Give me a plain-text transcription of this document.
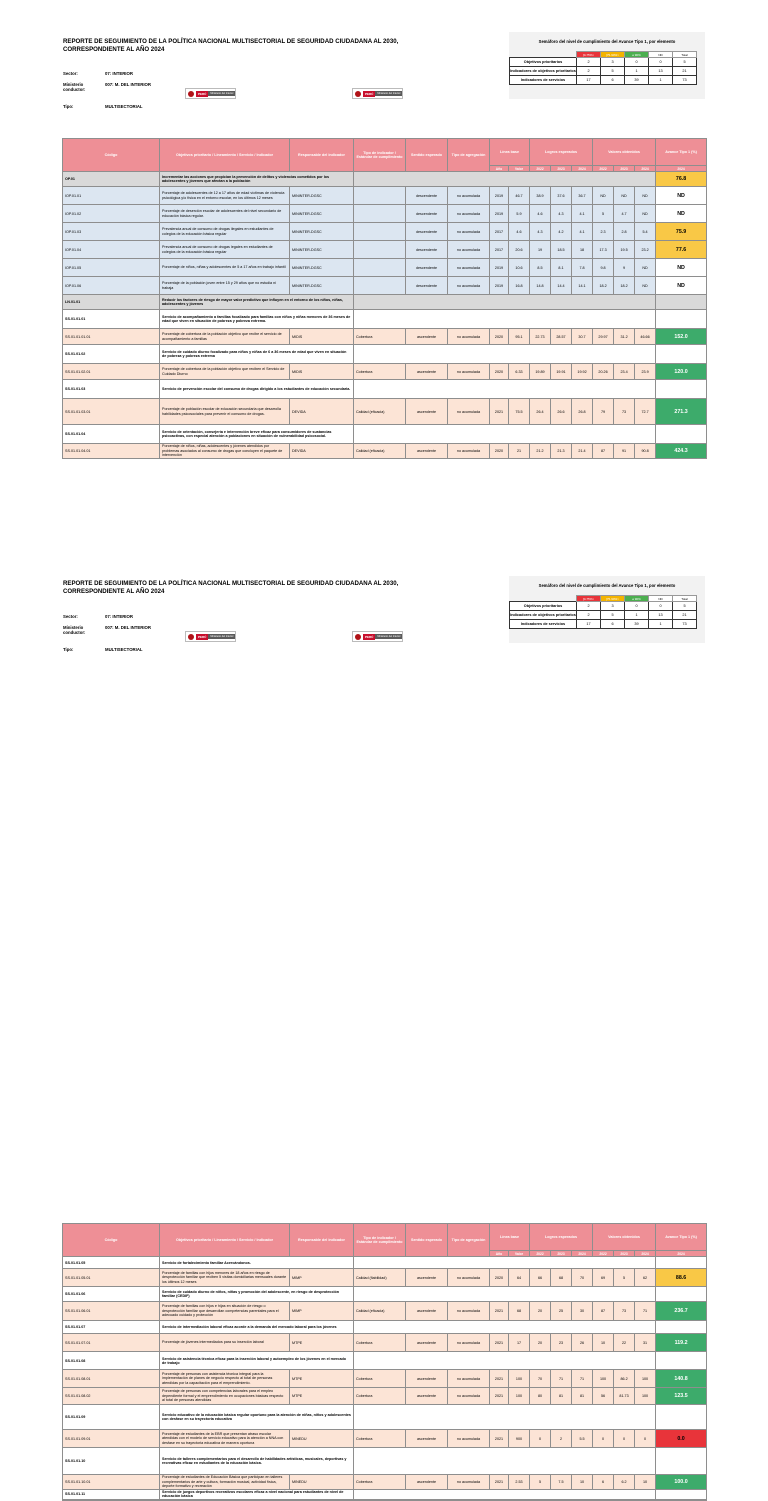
REPORTE DE SEGUIMIENTO DE LA POLÍTICA NACIONAL MULTISECTORIAL DE SEGURIDAD CIUDADANA AL 2030, CORRESPONDIENTE AL AÑO 2024
Sector:	07: INTERIOR
Ministerio conductor:
007: M. DEL INTERIOR
Tipo:	MULTISECTORIAL
PERÚ	Ministerio del Interior	PERÚ	Ministerio del Interior
Semáforo del nivel de cumplimiento del Avance Tipo 1, por elemento
	[0-75%>	[75-90%>	≥ 90%	ND	Total
Objetivos prioritarios	2	3	0	0	5
Indicadores de objetivos prioritarios	2	5	1	13	21
Indicadores de servicios	17	6	39	1	73
Código	Objetivos prioritario / Lineamiento / Servicio / Indicador	Responsable del indicador	Tipo de indicador / Estándar de cumplimiento	Sentido esperado	Tipo de agregación	Línea base		Logros esperados			Valores obtenidos			Avance Tipo 1 (%)
						Año	Valor	2022	2023	2024	2022	2023	2024	2024
OP.01	Incrementar las acciones que propician la prevención de delitos y violencias cometidos por los adolescentes y jóvenes que afectan a la población													76.8
IOP.01.01	Porcentaje de adolescentes de 12 a 17 años de edad víctimas de violencia psicológica y/o física en el entorno escolar, en los últimos 12 meses	MININTER-DGSC		descendente	no acumulada	2019	46.7	38.9	37.6	36.7	ND	ND	ND	ND
IOP.01.02	Porcentaje de deserción escolar de adolescentes del nivel secundario de educación básica regular.	MININTER-DGSC		descendente	no acumulada	2019	5.9	4.6	4.3	4.1	5	4.7	ND	ND
IOP.01.03	Prevalencia anual de consumo de drogas ilegales en estudiantes de colegios de la educación básica regular	MININTER-DGSC		descendente	no acumulada	2017	4.6	4.3	4.2	4.1	2.3	2.8	5.4	75.9
IOP.01.04	Prevalencia anual de consumo de drogas legales en estudiantes de colegios de la educación básica regular	MININTER-DGSC		descendente	no acumulada	2017	20.6	19	18.5	18	17.3	19.5	23.2	77.6
IOP.01.05	Porcentaje de niños, niñas y adolescentes de 5 a 17 años en trabajo infantil	MININTER-DGSC		descendente	no acumulada	2019	10.6	8.5	8.1	7.8	9.8	9	ND	ND
IOP.01.06	Porcentaje de la población joven entre 15 y 29 años que no estudia ni trabaja	MININTER-DGSC		descendente	no acumulada	2019	16.8	14.8	14.4	14.1	18.2	18.2	ND	ND
LN.01.01	Reducir los factores de riesgo de mayor valor predictivo que influyen en el entorno de los niños, niñas, adolescentes y jóvenes													
SS.01.01.01	Servicio de acompañamiento a familias focalizado para familias con niños y niñas menores de 36 meses de edad que viven en situación de pobreza y pobreza extrema.													
SS.01.01.01.01	Porcentaje de cobertura de la población objetivo que recibe el servicio de acompañamiento a familias	MIDIS	Cobertura	ascendente	no acumulada	2020	95.1	22.73	28.57	30.7	29.97	31.2	46.66	152.0
SS.01.01.02	Servicio de cuidado diurno focalizado para niños y niñas de 6 a 36 meses de edad que viven en situación de pobreza y pobreza extrema													
SS.01.01.02.01	Porcentaje de cobertura de la población objetivo que reciben el Servicio de Cuidado Diurno	MIDIS	Cobertura	ascendente	no acumulada	2020	6.33	19.89	19.91	19.92	20.26	23.4	23.9	120.0
SS.01.01.03	Servicio de prevención escolar del consumo de drogas dirigido a los estudiantes de educación secundaria.													
SS.01.01.03.01	Porcentaje de población escolar de educación secundaria que desarrolla habilidades psicosociales para prevenir el consumo de drogas.	DEVIDA	Calidad (eficacia)	ascendente	no acumulada	2021	75.5	26.4	26.6	26.8	79	73	72.7	271.3
SS.01.01.04	Servicio de orientación, consejería e intervención breve eficaz para consumidores de sustancias psicoactivas, con especial atención a poblaciones en situación de vulnerabilidad psicosocial.													
SS.01.01.04.01	Porcentaje de niños, niñas, adolescentes y jóvenes atendidos por problemas asociados al consumo de drogas que concluyen el paquete de intervención	DEVIDA	Calidad (eficacia)	ascendente	no acumulada	2020	21	21.2	21.3	21.4	87	91	90.8	424.3
REPORTE DE SEGUIMIENTO DE LA POLÍTICA NACIONAL MULTISECTORIAL DE SEGURIDAD CIUDADANA AL 2030, CORRESPONDIENTE AL AÑO 2024
Sector:	07: INTERIOR
Ministerio conductor:
007: M. DEL INTERIOR
Tipo:	MULTISECTORIAL
PERÚ	Ministerio del Interior	PERÚ	Ministerio del Interior
Semáforo del nivel de cumplimiento del Avance Tipo 1, por elemento
	[0-75%>	[75-90%>	≥ 90%	ND	Total
Objetivos prioritarios	2	3	0	0	5
Indicadores de objetivos prioritarios	2	5	1	13	21
Indicadores de servicios	17	6	39	1	73
Código	Objetivos prioritario / Lineamiento / Servicio / Indicador	Responsable del indicador	Tipo de indicador / Estándar de cumplimiento	Sentido esperado	Tipo de agregación	Línea base		Logros esperados			Valores obtenidos			Avance Tipo 1 (%)
						Año	Valor	2022	2023	2024	2022	2023	2024	2024
SS.01.01.05	Servicio de fortalecimiento familiar Acercándonos.													
SS.01.01.05.01	Porcentaje de familias con hijos menores de 18 años en riesgo de desprotección familiar que reciben 5 visitas domiciliarias mensuales durante los últimos 12 meses	MIMP	Calidad (fiabilidad)	ascendente	no acumulada	2020	64	66	68	70	69	5	62	88.6
SS.01.01.06	Servicio de cuidado diurno de niños, niñas y promoción del adolescente, en riesgo de desprotección familiar (CEDIF)													
SS.01.01.06.01	Porcentaje de familias con hijos e hijas en situación de riesgo o desprotección familiar que desarrollan competencias parentales para el adecuado cuidado y protección	MIMP	Calidad (eficacia)	ascendente	no acumulada	2021	68	20	25	30	87	73	71	236.7
SS.01.01.07	Servicio de intermediación laboral eficaz acorde a la demanda del mercado laboral para los jóvenes													
SS.01.01.07.01	Porcentaje de jóvenes intermediados para su inserción laboral	MTPE	Cobertura	ascendente	no acumulada	2021	17	20	23	26	10	22	31	119.2
SS.01.01.08	Servicio de asistencia técnica eficaz para la inserción laboral y autoempleo de los jóvenes en el mercado de trabajo													
SS.01.01.08.01	Porcentaje de personas con asistencia técnica integral para la implementación de planes de negocio respecto al total de personas atendidas por la capacitación para el emprendimiento.	MTPE	Cobertura	ascendente	no acumulada	2021	100	70	71	71	100	86.2	100	140.8
SS.01.01.08.02	Porcentaje de personas con competencias laborales para el empleo dependiente formal y el emprendimiento en ocupaciones básicas respecto al total de personas atendidas	MTPE	Cobertura	ascendente	no acumulada	2021	100	80	81	81	56	81.73	100	123.5
SS.01.01.09	Servicio educativo de la educación básica regular oportuno para la atención de niñas, niños y adolescentes con desfase en su trayectoria educativa													
SS.01.01.09.01	Porcentaje de estudiantes de la EBR que presentan atraso escolar atendidas con el modelo de servicio educativo para la atención a NNA con desfase en su trayectoria educativa de manera oportuna	MINEDU	Cobertura	ascendente	no acumulada	2021	900	0	2	5.5	0	0	0	0.0
SS.01.01.10	Servicio de talleres complementarios para el desarrollo de habilidades artísticas, musicales, deportivas y recreativas eficaz en estudiantes de la educación básica.													
SS.01.01.10.01	Porcentaje de estudiantes de Educación Básica que participan en talleres complementarios de arte y cultura, formación musical, actividad física, deporte formativo y recreación	MINEDU	Cobertura	ascendente	no acumulada	2021	2.53	5	7.5	10	6	6.2	10	100.0
SS.01.01.11	Servicio de juegos deportivos recreativos escolares eficaz a nivel nacional para estudiantes de nivel de educación básica													
